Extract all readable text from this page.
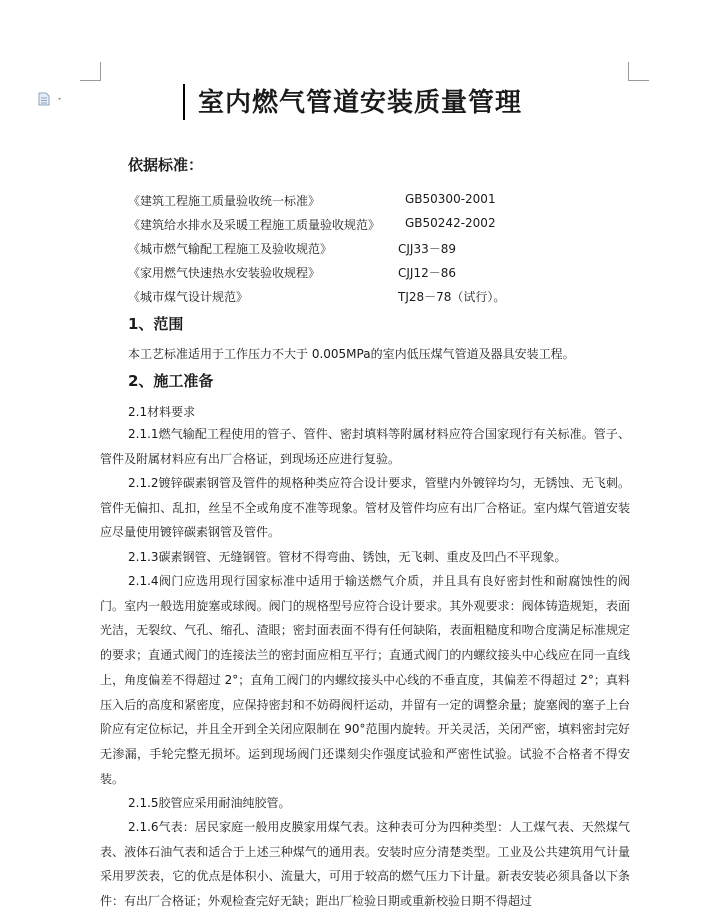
室内燃气管道安装质量管理
依据标准：
《建筑工程施工质量验收统一标准》	GB50300-2001
《建筑给水排水及采暖工程施工质量验收规范》 GB50242-2002
《城市燃气输配工程施工及验收规范》	CJJ33－89
《家用燃气快速热水安装验收规程》	CJJ12－86
《城市煤气设计规范》	TJ28－78（试行）。
1、范围
本工艺标准适用于工作压力不大于 0.005MPa的室内低压煤气管道及器具安装工程。
2、施工准备
2.1材料要求

2.1.1燃气输配工程使用的管子、管件、密封填料等附属材料应符合国家现行有关标准。管子、管件及附属材料应有出厂合格证，到现场还应进行复验。

2.1.2镀锌碳素钢管及管件的规格种类应符合设计要求，管壁内外镀锌均匀，无锈蚀、无飞刺。管件无偏扣、乱扣，丝呈不全或角度不准等现象。管材及管件均应有出厂合格证。室内煤气管道安装应尽量使用镀锌碳素钢管及管件。

2.1.3碳素钢管、无缝钢管。管材不得弯曲、锈蚀，无飞刺、重皮及凹凸不平现象。

2.1.4阀门应选用现行国家标准中适用于输送燃气介质，并且具有良好密封性和耐腐蚀性的阀门。室内一般选用旋塞或球阀。阀门的规格型号应符合设计要求。其外观要求：阀体铸造规矩，表面光洁，无裂纹、气孔、缩孔、渣眼；密封面表面不得有任何缺陷，表面粗糙度和吻合度满足标准规定的要求；直通式阀门的连接法兰的密封面应相互平行；直通式阀门的内螺纹接头中心线应在同一直线上，角度偏差不得超过 2°；直角工阀门的内螺纹接头中心线的不垂直度，其偏差不得超过 2°；真料压入后的高度和紧密度，应保持密封和不妨碍阀杆运动，并留有一定的调整余量；旋塞阀的塞子上台阶应有定位标记，并且全开到全关闭应限制在 90°范围内旋转。开关灵活，关闭严密，填料密封完好无渗漏，手轮完整无损坏。运到现场阀门还谍刻尖作强度试验和严密性试验。试验不合格者不得安装。

2.1.5胶管应采用耐油纯胶管。

2.1.6气表：居民家庭一般用皮膜家用煤气表。这种表可分为四种类型：人工煤气表、天然煤气表、液体石油气表和适合于上述三种煤气的通用表。安装时应分清楚类型。工业及公共建筑用气计量采用罗茨表，它的优点是体积小、流量大，可用于较高的燃气压力下计量。新表安装必须具备以下条件：有出厂合格证；外观检查完好无缺；距出厂检验日期或重新校验日期不得超过
